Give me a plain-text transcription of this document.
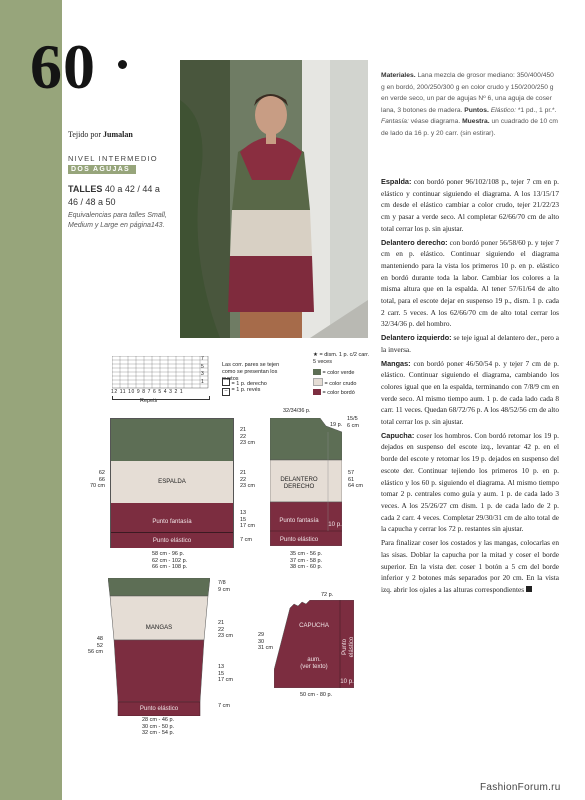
60
Tejido por Jumalan
NIVEL INTERMEDIO
DOS AGUJAS
TALLES 40 a 42 / 44 a 46 / 48 a 50
Equivalencias para talles Small, Medium y Large en página143.
Materiales. Lana mezcla de grosor mediano: 350/400/450 g en bordó, 200/250/300 g en color crudo y 150/200/250 g en verde seco, un par de agujas Nº 6, una aguja de coser lana, 3 botones de madera. Puntos. Elástico: *1 pd., 1 pr.*. Fantasía: véase diagrama. Muestra. un cuadrado de 10 cm de lado da 16 p. y 20 carr. (sin estirar).

Espalda: con bordó poner 96/102/108 p., tejer 7 cm en p. elástico y continuar siguiendo el diagrama. A los 13/15/17 cm desde el elástico cambiar a color crudo, tejer 21/22/23 cm y pasar a verde seco. Al completar 62/66/70 cm de alto total cerrar los p. sin ajustar.

Delantero derecho: con bordó poner 56/58/60 p. y tejer 7 cm en p. elástico. Continuar siguiendo el diagrama manteniendo para la vista los primeros 10 p. en p. elástico en bordó durante toda la labor. Cambiar los colores a la misma altura que en la espalda. Al tener 57/61/64 de alto total, para el escote dejar en suspenso 19 p., dism. 1 p. cada 2 carr. 5 veces. A los 62/66/70 cm de alto total cerrar los 32/34/36 p. del hombro.

Delantero izquierdo: se teje igual al delantero der., pero a la inversa.

Mangas: con bordó poner 46/50/54 p. y tejer 7 cm de p. elástico. Continuar siguiendo el diagrama, cambiando los colores igual que en la espalda, terminando con 7/8/9 cm en verde seco. Al mismo tiempo aum. 1 p. de cada lado cada 8 carr. 11 veces. Quedan 68/72/76 p. A los 48/52/56 cm de alto total cerrar los p. sin ajustar.

Capucha: coser los hombros. Con bordó retomar los 19 p. dejados en suspenso del escote izq., levantar 42 p. en el borde del escote y retomar los 19 p. dejados en suspenso del escote der. Continuar tejiendo los primeros 10 p. en p. elástico y los 60 p. siguiendo el diagrama. Al mismo tiempo tomar 2 p. centrales como guía y aum. 1 p. de cada lado 3 veces. A los 25/26/27 cm dism. 1 p. de cada lado de 2 p. cada 2 carr. 4 veces. Completar 29/30/31 cm de alto total de la capucha y cerrar los 72 p. restantes sin ajustar.

Para finalizar coser los costados y las mangas, colocarlas en las sisas. Doblar la capucha por la mitad y coser el borde superior. En la vista der. coser 1 botón a 5 cm del borde inferior y 2 botones más separados por 20 cm. En la vista izq. abrir los ojales a las alturas correspondientes

7
5
3
1
12 11 10 9 8 7 6 5 4 3 2 1
Repetir
Las corr. pares se tejen como se presentan los puntos
= 1 p. derecho
– = 1 p. revés
★ = dism. 1 p. c/2 carr. 5 veces
= color verde
= color crudo
= color bordó
ESPALDA
Punto fantasía
Punto elástico
62
66
70 cm
21
22
23 cm
21
22
23 cm
13
15
17 cm
7 cm
58 cm - 96 p.
62 cm - 102 p.
66 cm - 108 p.
32/34/36 p.
19 p.
15/5
6 cm
DELANTERO
DERECHO
Punto fantasía
Punto elástico
10 p.
57
61
64 cm
35 cm - 56 p.
37 cm - 58 p.
38 cm - 60 p.
MANGAS
Punto elástico
48
52
56 cm
7/8
9 cm
21
22
23 cm
13
15
17 cm
7 cm
28 cm - 46 p.
30 cm - 50 p.
32 cm - 54 p.
72 p.
CAPUCHA
aum.
(ver texto)
Punto elástico
10 p.
29
30
31 cm
50 cm - 80 p.
FashionForum.ru
